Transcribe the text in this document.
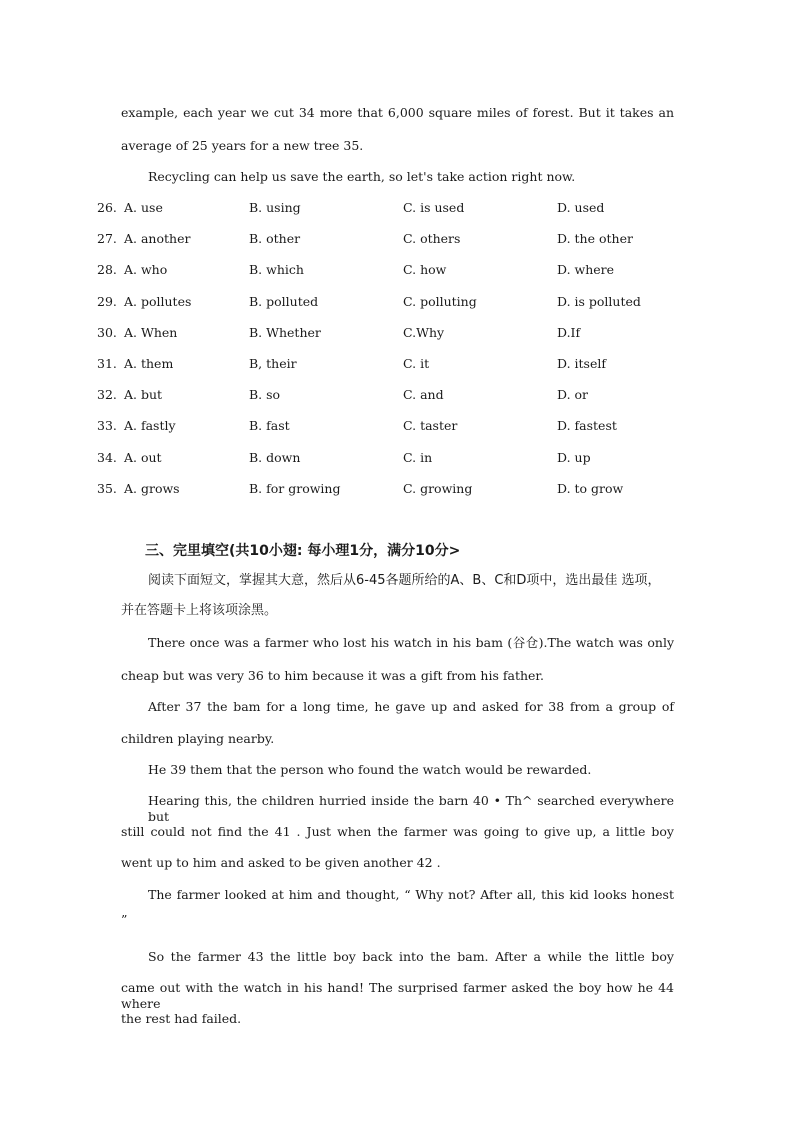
example, each year we cut 34 more that 6,000 square miles of forest. But it takes an
average of 25 years for a new tree 35.
Recycling can help us save the earth, so let's take action right now.
26. A. use	B. using	C. is used	D. used
27. A. another	B. other	C. others	D. the other
28. A. who	B. which	C. how	D. where
29. A. pollutes	B. polluted	C. polluting	D. is polluted
30. A. When	B. Whether	C.Why	D.If
31. A. them	B, their	C. it	D. itself
32. A. but	B. so	C. and	D. or
33. A. fastly	B. fast	C. taster	D. fastest
34. A. out	B. down	C. in	D. up
35. A. grows	B. for growing	C. growing	D. to grow
三、完里填空(共10小翅: 每小理1分，满分10分>
阅读下面短文，掌握其大意，然后从6-45各题所给的A、B、C和D项中，选出最佳 选项，
并在答题卡上将该项涂黑。
There once was a farmer who lost his watch in his bam (谷仓).The watch was only
cheap but was very 36 to him because it was a gift from his father.
After 37 the bam for a long time, he gave up and asked for 38 from a group of
children playing nearby.
He 39 them that the person who found the watch would be rewarded.
Hearing this, the children hurried inside the barn 40 • Th^ searched everywhere but
still could not find the 41 . Just when the farmer was going to give up, a little boy
went up to him and asked to be given another 42 .
The farmer looked at him and thought, “ Why not? After all, this kid looks honest
”
So the farmer 43 the little boy back into the bam. After a while the little boy
came out with the watch in his hand! The surprised farmer asked the boy how he 44 where
the rest had failed.
